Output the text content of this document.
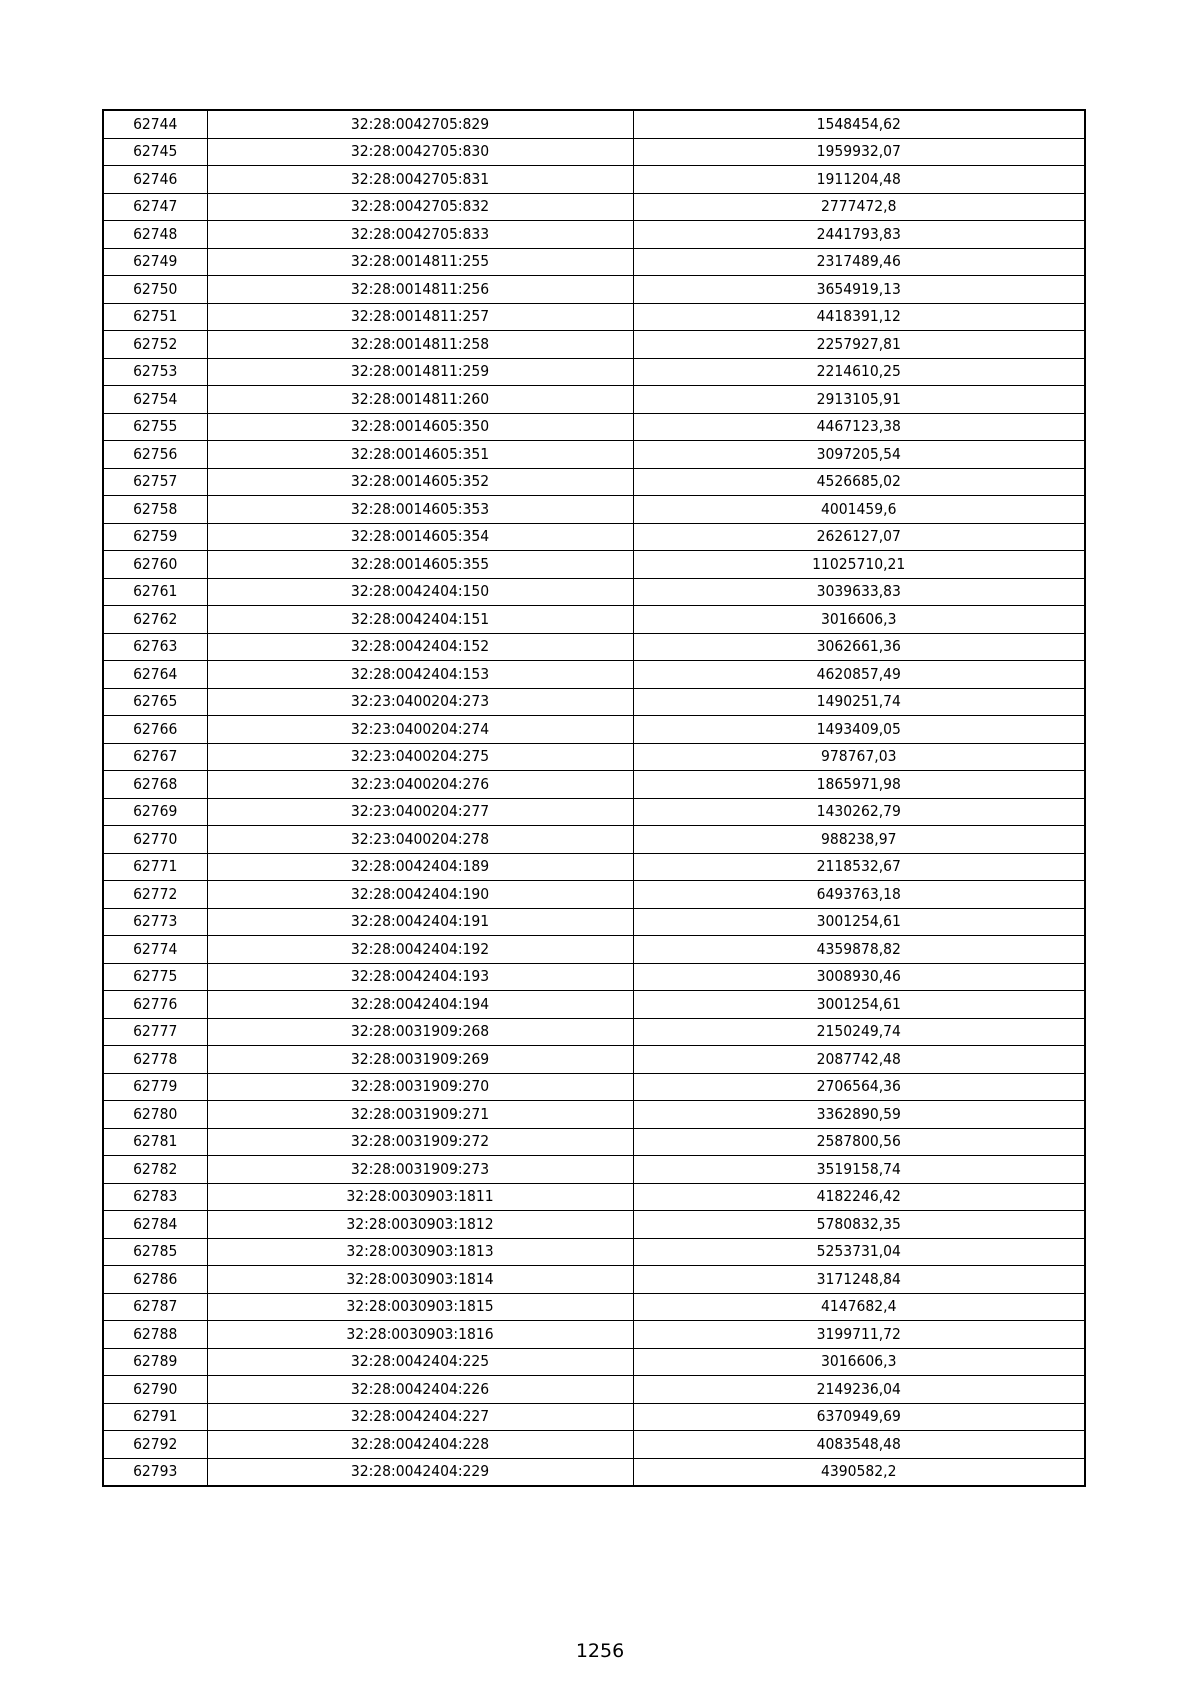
62744	32:28:0042705:829	1548454,62
62745	32:28:0042705:830	1959932,07
62746	32:28:0042705:831	1911204,48
62747	32:28:0042705:832	2777472,8
62748	32:28:0042705:833	2441793,83
62749	32:28:0014811:255	2317489,46
62750	32:28:0014811:256	3654919,13
62751	32:28:0014811:257	4418391,12
62752	32:28:0014811:258	2257927,81
62753	32:28:0014811:259	2214610,25
62754	32:28:0014811:260	2913105,91
62755	32:28:0014605:350	4467123,38
62756	32:28:0014605:351	3097205,54
62757	32:28:0014605:352	4526685,02
62758	32:28:0014605:353	4001459,6
62759	32:28:0014605:354	2626127,07
62760	32:28:0014605:355	11025710,21
62761	32:28:0042404:150	3039633,83
62762	32:28:0042404:151	3016606,3
62763	32:28:0042404:152	3062661,36
62764	32:28:0042404:153	4620857,49
62765	32:23:0400204:273	1490251,74
62766	32:23:0400204:274	1493409,05
62767	32:23:0400204:275	978767,03
62768	32:23:0400204:276	1865971,98
62769	32:23:0400204:277	1430262,79
62770	32:23:0400204:278	988238,97
62771	32:28:0042404:189	2118532,67
62772	32:28:0042404:190	6493763,18
62773	32:28:0042404:191	3001254,61
62774	32:28:0042404:192	4359878,82
62775	32:28:0042404:193	3008930,46
62776	32:28:0042404:194	3001254,61
62777	32:28:0031909:268	2150249,74
62778	32:28:0031909:269	2087742,48
62779	32:28:0031909:270	2706564,36
62780	32:28:0031909:271	3362890,59
62781	32:28:0031909:272	2587800,56
62782	32:28:0031909:273	3519158,74
62783	32:28:0030903:1811	4182246,42
62784	32:28:0030903:1812	5780832,35
62785	32:28:0030903:1813	5253731,04
62786	32:28:0030903:1814	3171248,84
62787	32:28:0030903:1815	4147682,4
62788	32:28:0030903:1816	3199711,72
62789	32:28:0042404:225	3016606,3
62790	32:28:0042404:226	2149236,04
62791	32:28:0042404:227	6370949,69
62792	32:28:0042404:228	4083548,48
62793	32:28:0042404:229	4390582,2
1256
